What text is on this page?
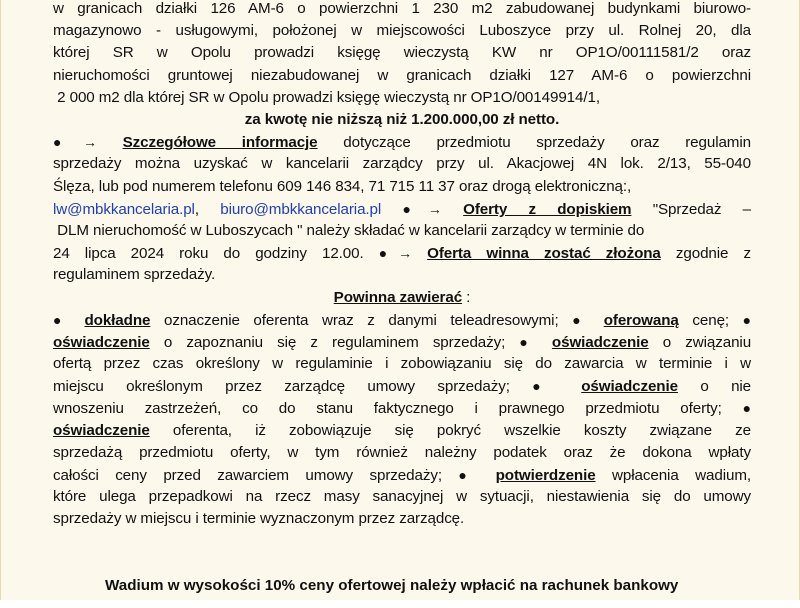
w granicach działki 126 AM-6 o powierzchni 1 230 m2 zabudowanej budynkami biurowo-
magazynowo - usługowymi, położonej w miejscowości Luboszyce przy ul. Rolnej 20, dla
której SR w Opolu prowadzi księgę wieczystą KW nr OP1O/00111581/2 oraz
nieruchomości gruntowej niezabudowanej w granicach działki 127 AM-6 o powierzchni
2 000 m2 dla której SR w Opolu prowadzi księgę wieczystą nr OP1O/00149914/1,
za kwotę nie niższą niż 1.200.000,00 zł netto.
●→ Szczegółowe informacje dotyczące przedmiotu sprzedaży oraz regulamin
sprzedaży można uzyskać w kancelarii zarządcy przy ul. Akacjowej 4N lok. 2/13, 55-040
Ślęza, lub pod numerem telefonu 609 146 834, 71 715 11 37 oraz drogą elektroniczną:,
lw@mbkkancelaria.pl, biuro@mbkkancelaria.pl ●→ Oferty z dopiskiem "Sprzedaż –
DLM nieruchomość w Luboszycach " należy składać w kancelarii zarządcy w terminie do
24 lipca 2024 roku do godziny 12.00. ●→ Oferta winna zostać złożona zgodnie z
regulaminem sprzedaży.
Powinna zawierać :
● dokładne oznaczenie oferenta wraz z danymi teleadresowymi; ● oferowaną cenę; ●
oświadczenie o zapoznaniu się z regulaminem sprzedaży; ● oświadczenie o związaniu
ofertą przez czas określony w regulaminie i zobowiązaniu się do zawarcia w terminie i w
miejscu określonym przez zarządcę umowy sprzedaży; ● oświadczenie o nie
wnoszeniu zastrzeżeń, co do stanu faktycznego i prawnego przedmiotu oferty; ●
oświadczenie oferenta, iż zobowiązuje się pokryć wszelkie koszty związane ze
sprzedażą przedmiotu oferty, w tym również należny podatek oraz że dokona wpłaty
całości ceny przed zawarciem umowy sprzedaży; ● potwierdzenie wpłacenia wadium,
które ulega przepadkowi na rzecz masy sanacyjnej w sytuacji, niestawienia się do umowy
sprzedaży w miejscu i terminie wyznaczonym przez zarządcę.
Wadium w wysokości 10% ceny ofertowej należy wpłacić na rachunek bankowy
